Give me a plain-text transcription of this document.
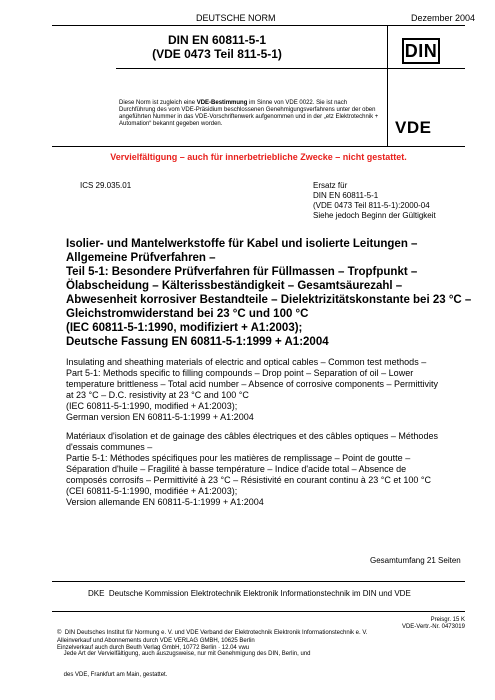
DEUTSCHE NORM	Dezember 2004
DIN EN 60811-5-1
(VDE 0473 Teil 811-5-1)	DIN
Diese Norm ist zugleich eine VDE-Bestimmung im Sinne von VDE 0022. Sie ist nach Durchführung des vom VDE-Präsidium beschlossenen Genehmigungsverfahrens unter der oben angeführten Nummer in das VDE-Vorschriftenwerk aufgenommen und in der „etz Elektrotechnik + Automation“ bekannt gegeben worden.	VDE
Vervielfältigung – auch für innerbetriebliche Zwecke – nicht gestattet.
ICS 29.035.01	Ersatz für
DIN EN 60811-5-1
(VDE 0473 Teil 811-5-1):2000-04
Siehe jedoch Beginn der Gültigkeit
Isolier- und Mantelwerkstoffe für Kabel und isolierte Leitungen –
Allgemeine Prüfverfahren –
Teil 5-1: Besondere Prüfverfahren für Füllmassen – Tropfpunkt –
Ölabscheidung – Kälterissbeständigkeit – Gesamtsäurezahl –
Abwesenheit korrosiver Bestandteile – Dielektrizitätskonstante bei 23 °C –
Gleichstromwiderstand bei 23 °C und 100 °C
(IEC 60811-5-1:1990, modifiziert + A1:2003);
Deutsche Fassung EN 60811-5-1:1999 + A1:2004
Insulating and sheathing materials of electric and optical cables – Common test methods –
Part 5-1: Methods specific to filling compounds – Drop point – Separation of oil – Lower
temperature brittleness – Total acid number – Absence of corrosive components – Permittivity
at 23 °C – D.C. resistivity at 23 °C and 100 °C
(IEC 60811-5-1:1990, modified + A1:2003);
German version EN 60811-5-1:1999 + A1:2004
Matériaux d'isolation et de gainage des câbles électriques et des câbles optiques – Méthodes
d'essais communes –
Partie 5-1: Méthodes spécifiques pour les matières de remplissage – Point de goutte –
Séparation d'huile – Fragilité à basse température – Indice d'acide total – Absence de
composés corrosifs – Permittivité à 23 °C – Résistivité en courant continu à 23 °C et 100 °C
(CEI 60811-5-1:1990, modifiée + A1:2003);
Version allemande EN 60811-5-1:1999 + A1:2004
Gesamtumfang 21 Seiten
DKE  Deutsche Kommission Elektrotechnik Elektronik Informationstechnik im DIN und VDE

©  DIN Deutsches Institut für Normung e. V. und VDE Verband der Elektrotechnik Elektronik Informationstechnik e. V.

Jede Art der Vervielfältigung, auch auszugsweise, nur mit Genehmigung des DIN, Berlin, und

des VDE, Frankfurt am Main, gestattet.

Alleinverkauf und Abonnements durch VDE VERLAG GMBH, 10625 Berlin
Einzelverkauf auch durch Beuth Verlag GmbH, 10772 Berlin · 12.04 vwu
Preisgr. 15 K
VDE-Vertr.-Nr. 0473019
